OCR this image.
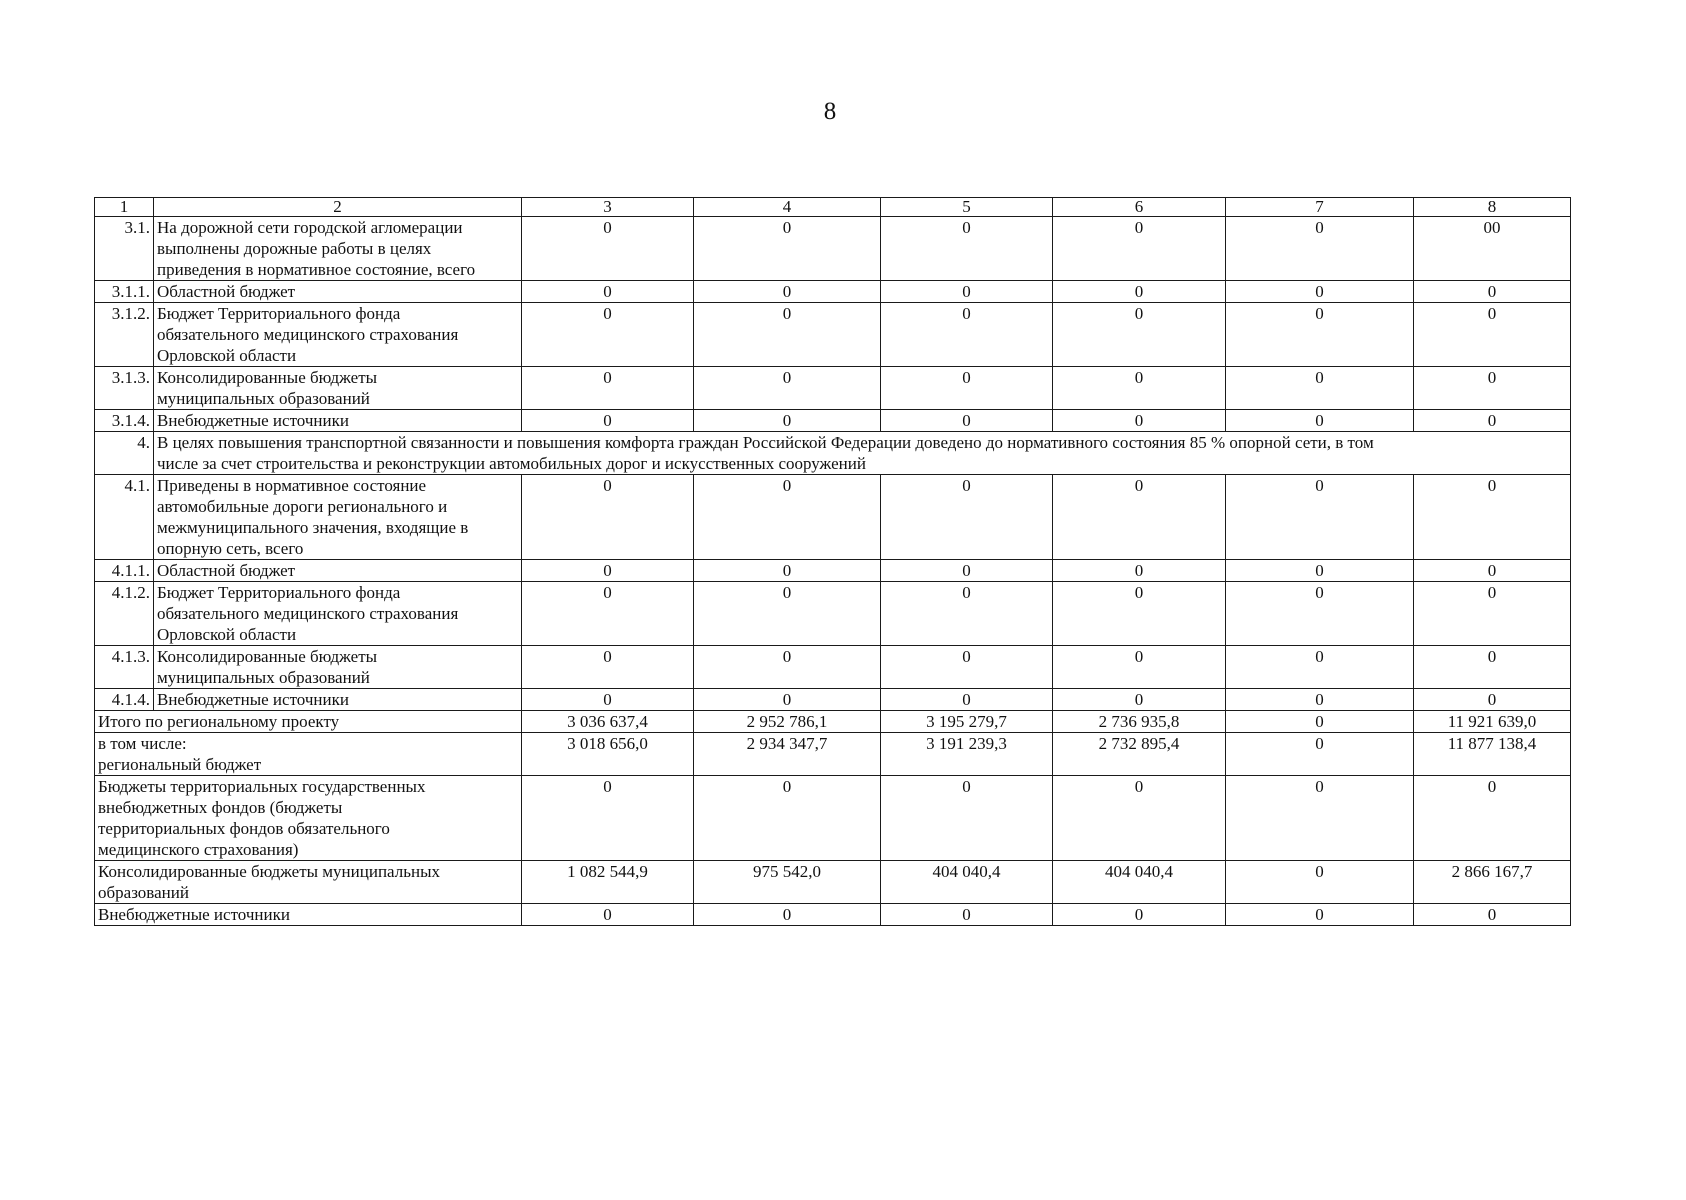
8
1	2	3	4	5	6	7	8
3.1.	На дорожной сети городской агломерации
выполнены дорожные работы в целях
приведения в нормативное состояние, всего	0	0	0	0	0	00
3.1.1.	Областной бюджет	0	0	0	0	0	0
3.1.2.	Бюджет Территориального фонда
обязательного медицинского страхования
Орловской области	0	0	0	0	0	0
3.1.3.	Консолидированные бюджеты
муниципальных образований	0	0	0	0	0	0
3.1.4.	Внебюджетные источники	0	0	0	0	0	0
4.	В целях повышения транспортной связанности и повышения комфорта граждан Российской Федерации доведено до нормативного состояния 85 % опорной сети, в том
числе за счет строительства и реконструкции автомобильных дорог и искусственных сооружений						

4.1.	Приведены в нормативное состояние
автомобильные дороги регионального и
межмуниципального значения, входящие в
опорную сеть, всего	0	0	0	0	0	0
4.1.1.	Областной бюджет	0	0	0	0	0	0
4.1.2.	Бюджет Территориального фонда
обязательного медицинского страхования
Орловской области	0	0	0	0	0	0
4.1.3.	Консолидированные бюджеты
муниципальных образований	0	0	0	0	0	0
4.1.4.	Внебюджетные источники	0	0	0	0	0	0

Итого по региональному проекту		3 036 637,4	2 952 786,1	3 195 279,7	2 736 935,8	0	11 921 639,0

в том числе:
региональный бюджет		3 018 656,0	2 934 347,7	3 191 239,3	2 732 895,4	0	11 877 138,4

Бюджеты территориальных государственных
внебюджетных фондов (бюджеты
территориальных фондов обязательного
медицинского страхования)		0	0	0	0	0	0

Консолидированные бюджеты муниципальных
образований		1 082 544,9	975 542,0	404 040,4	404 040,4	0	2 866 167,7

Внебюджетные источники		0	0	0	0	0	0
